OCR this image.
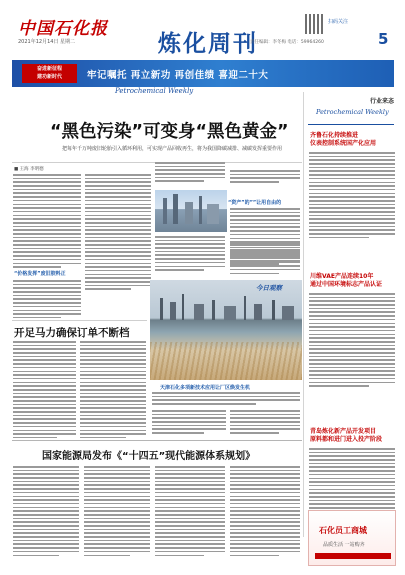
中国石化报
2021年12月14日 星期二	炼化周刊
责任编辑：李冬梅 电话：59964260
扫码关注
5
奋进新征程
建功新时代	牢记嘱托 再立新功 再创佳绩 喜迎二十大
Petrochemical Weekly
“黑色污染”可变身“黑色黄金”
把每年千万吨废旧轮胎引入循环利用，可实现产品回收再生，将为我国降碳减排、减碳发挥重要作用
■ 王海 李明德
行业来忞
Petrochemical Weekly
齐鲁石化持续推进
仪表控制系统国产化应用
川维VAE产品连续10年
通过中国环境标志产品认证
青岛炼化新产品开发项目
原料都和进门进入投产阶段
“价格发挥”废旧胶料正
“资产”的””让用自由的
天津石化多项新技术应用让厂区焕发生机
今日观察
开足马力确保订单不断档
国家能源局发布《“十四五”现代能源体系规划》
石化员工商城
品质生活 一站购齐
